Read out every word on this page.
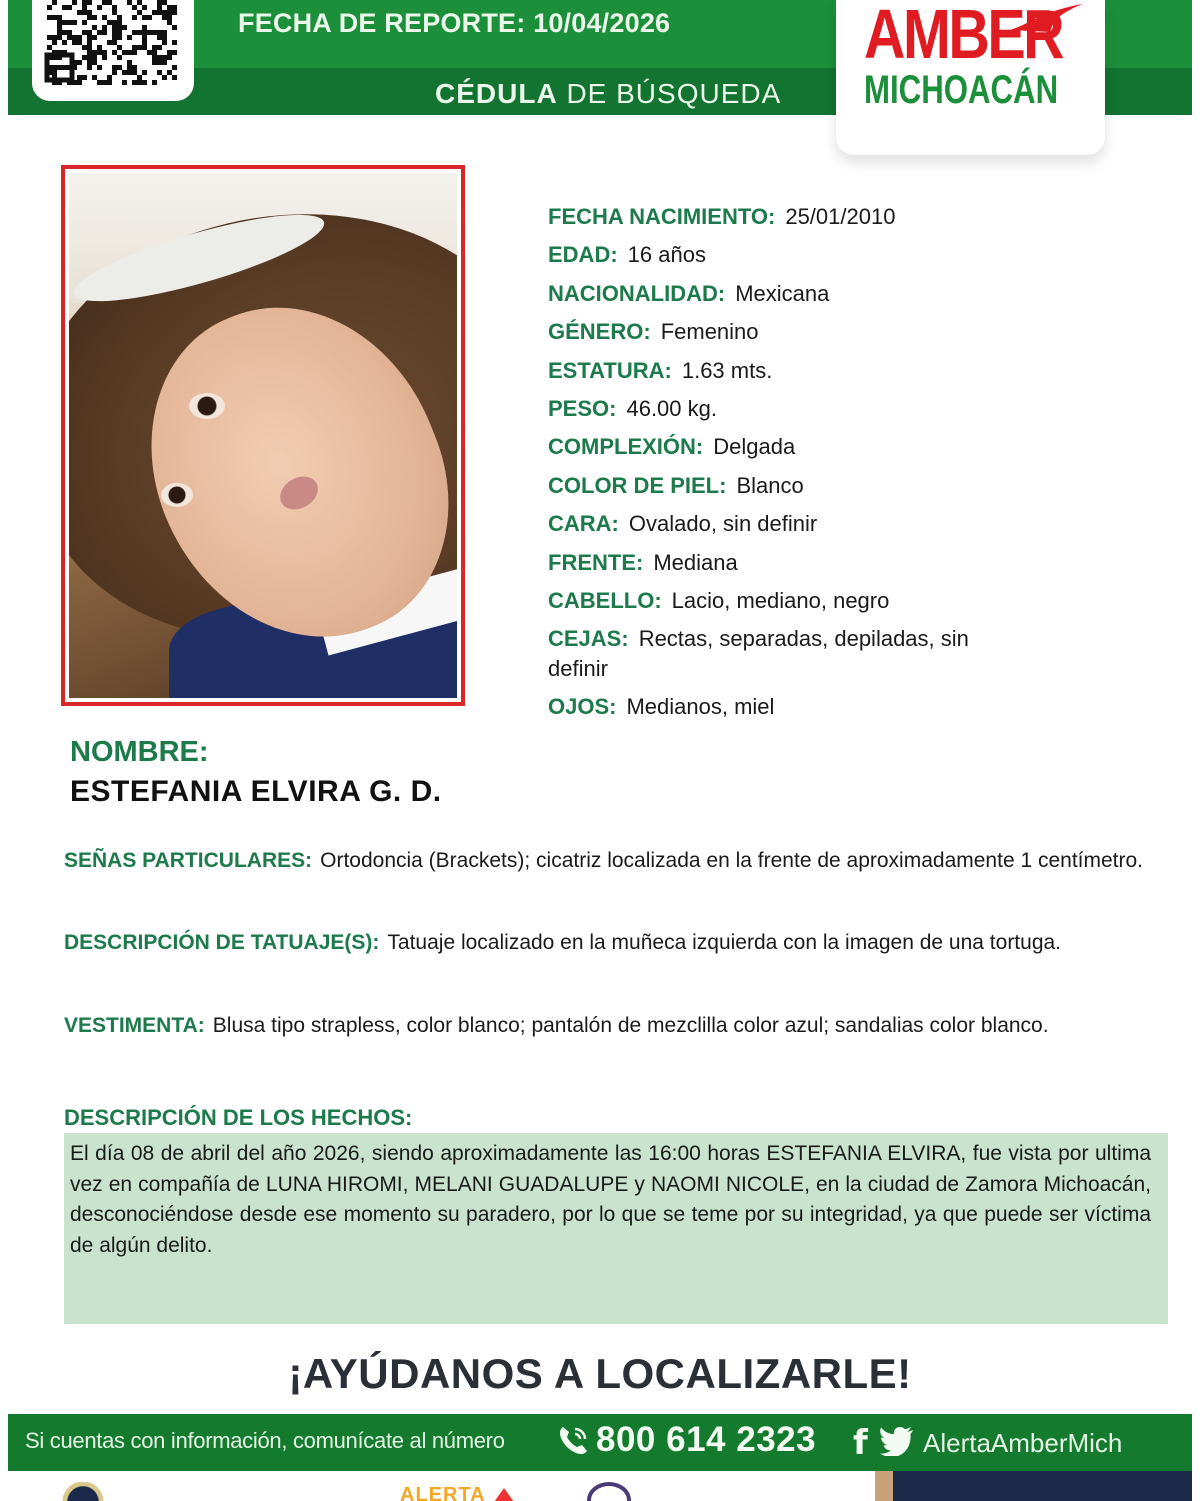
FECHA DE REPORTE: 10/04/2026
CÉDULA DE BÚSQUEDA
AMBER
MICHOACÁN
FECHA NACIMIENTO: 25/01/2010
EDAD: 16 años
NACIONALIDAD: Mexicana
GÉNERO: Femenino
ESTATURA: 1.63 mts.
PESO: 46.00 kg.
COMPLEXIÓN: Delgada
COLOR DE PIEL: Blanco
CARA: Ovalado, sin definir
FRENTE: Mediana
CABELLO: Lacio, mediano, negro
CEJAS: Rectas, separadas, depiladas, sin definir
OJOS: Medianos, miel
NOMBRE:
ESTEFANIA ELVIRA G. D.
SEÑAS PARTICULARES: Ortodoncia (Brackets); cicatriz localizada en la frente de aproximadamente 1 centímetro.
DESCRIPCIÓN DE TATUAJE(S): Tatuaje localizado en la muñeca izquierda con la imagen de una tortuga.
VESTIMENTA: Blusa tipo strapless, color blanco; pantalón de mezclilla color azul; sandalias color blanco.
DESCRIPCIÓN DE LOS HECHOS:
El día 08 de abril del año 2026, siendo aproximadamente las 16:00 horas ESTEFANIA ELVIRA, fue vista por ultima vez en compañía de LUNA HIROMI, MELANI GUADALUPE y NAOMI NICOLE, en la ciudad de Zamora Michoacán, desconociéndose desde ese momento su paradero, por lo que se teme por su integridad, ya que puede ser víctima de algún delito.
¡AYÚDANOS A LOCALIZARLE!
Si cuentas con información, comunícate al número	800 614 2323 f AlertaAmberMich
ALERTA
